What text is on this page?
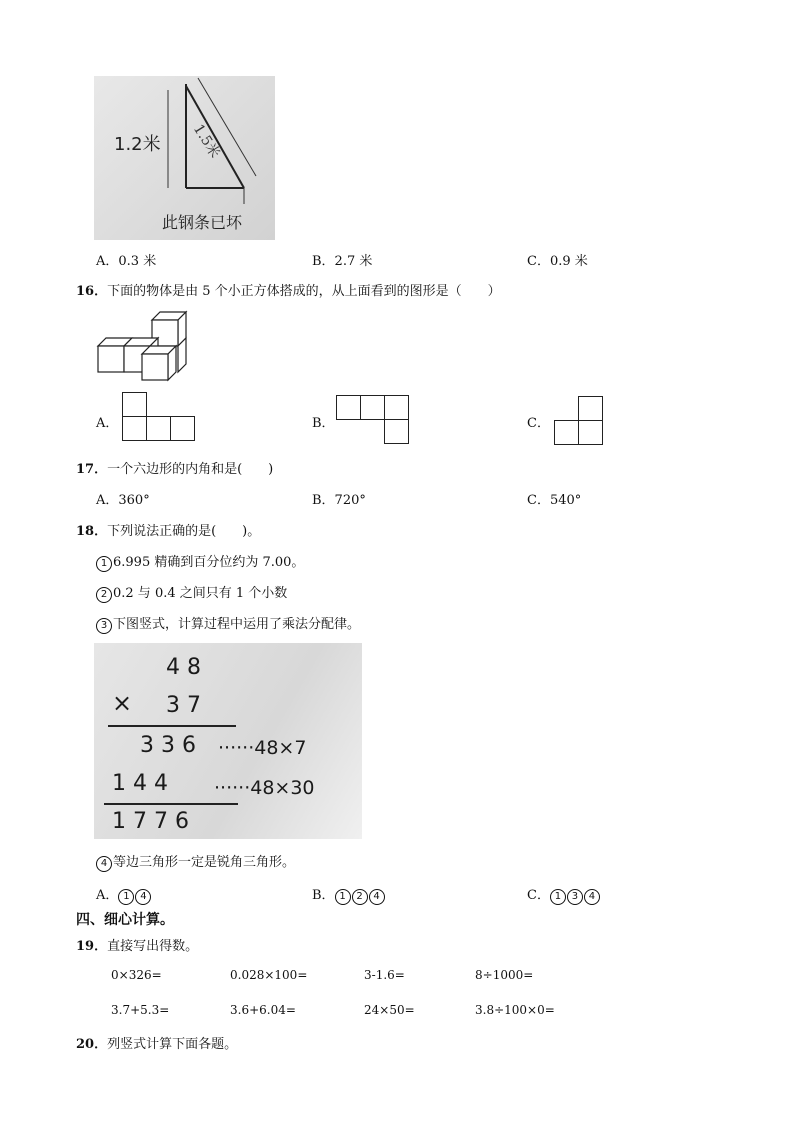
1.2米 1.5米
此钢条已坏
A．0.3 米	B．2.7 米	C．0.9 米
16．下面的物体是由 5 个小正方体搭成的，从上面看到的图形是（　　）
A．	B．	C．
17．一个六边形的内角和是(　　)
A．360°	B．720°	C．540°
18．下列说法正确的是(　　)。
1 6.995 精确到百分位约为 7.00。
2 0.2 与 0.4 之间只有 1 个小数
3 下图竖式，计算过程中运用了乘法分配律。
4 8
× 3 7
3 3 6 ······48×7
1 4 4 ······48×30
1 7 7 6
4 等边三角形一定是锐角三角形。
A． 1 4	B． 1 2 4	C． 1 3 4
四、细心计算。
19．直接写出得数。
0×326=	0.028×100=	3-1.6=	8÷1000=
3.7+5.3=	3.6+6.04=	24×50=	3.8÷100×0=
20．列竖式计算下面各题。
